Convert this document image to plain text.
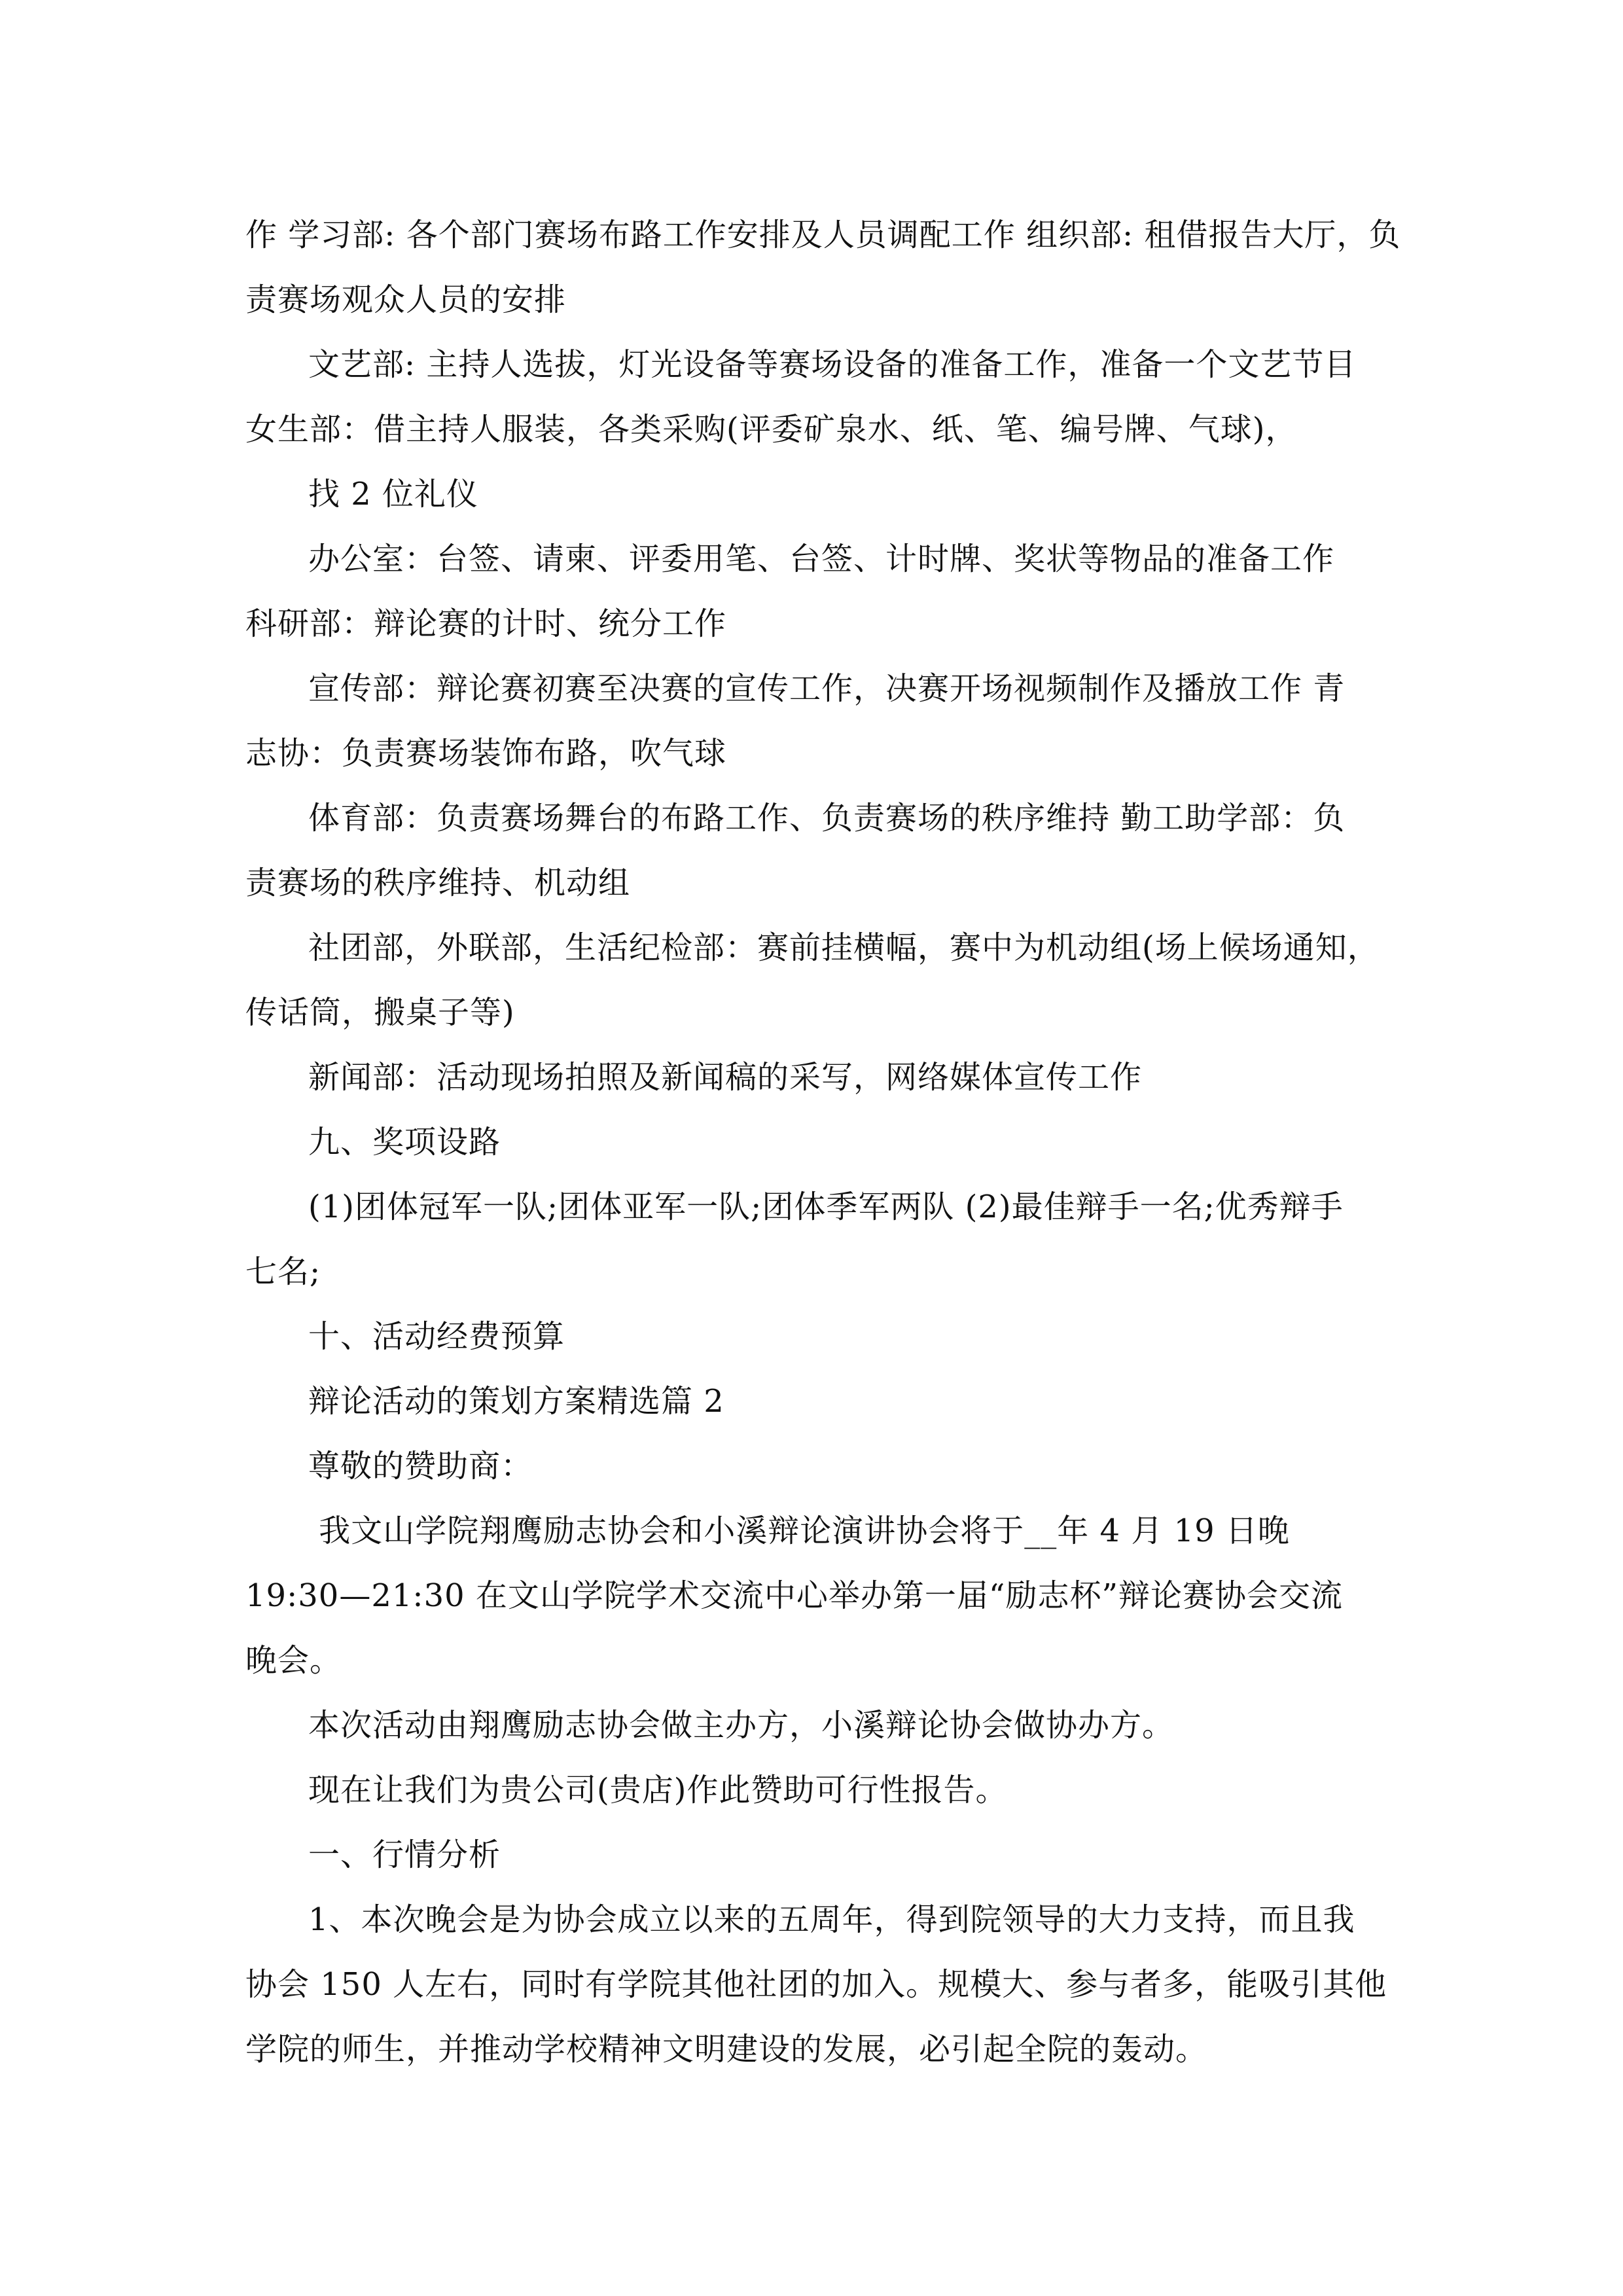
作 学习部: 各个部门赛场布路工作安排及人员调配工作 组织部: 租借报告大厅，负
责赛场观众人员的安排
文艺部: 主持人选拔，灯光设备等赛场设备的准备工作，准备一个文艺节目
女生部：借主持人服装，各类采购(评委矿泉水、纸、笔、编号牌、气球)，
找 2 位礼仪
办公室：台签、请柬、评委用笔、台签、计时牌、奖状等物品的准备工作
科研部：辩论赛的计时、统分工作
宣传部：辩论赛初赛至决赛的宣传工作，决赛开场视频制作及播放工作 青
志协：负责赛场装饰布路，吹气球
体育部：负责赛场舞台的布路工作、负责赛场的秩序维持 勤工助学部：负
责赛场的秩序维持、机动组
社团部，外联部，生活纪检部：赛前挂横幅，赛中为机动组(场上候场通知，
传话筒，搬桌子等)
新闻部：活动现场拍照及新闻稿的采写，网络媒体宣传工作
九、奖项设路
(1)团体冠军一队;团体亚军一队;团体季军两队 (2)最佳辩手一名;优秀辩手
七名;
十、活动经费预算
辩论活动的策划方案精选篇 2
尊敬的赞助商：
我文山学院翔鹰励志协会和小溪辩论演讲协会将于__年 4 月 19 日晚
19:30—21:30 在文山学院学术交流中心举办第一届“励志杯”辩论赛协会交流
晚会。
本次活动由翔鹰励志协会做主办方，小溪辩论协会做协办方。
现在让我们为贵公司(贵店)作此赞助可行性报告。
一、行情分析
1、本次晚会是为协会成立以来的五周年，得到院领导的大力支持，而且我
协会 150 人左右，同时有学院其他社团的加入。规模大、参与者多，能吸引其他
学院的师生，并推动学校精神文明建设的发展，必引起全院的轰动。
